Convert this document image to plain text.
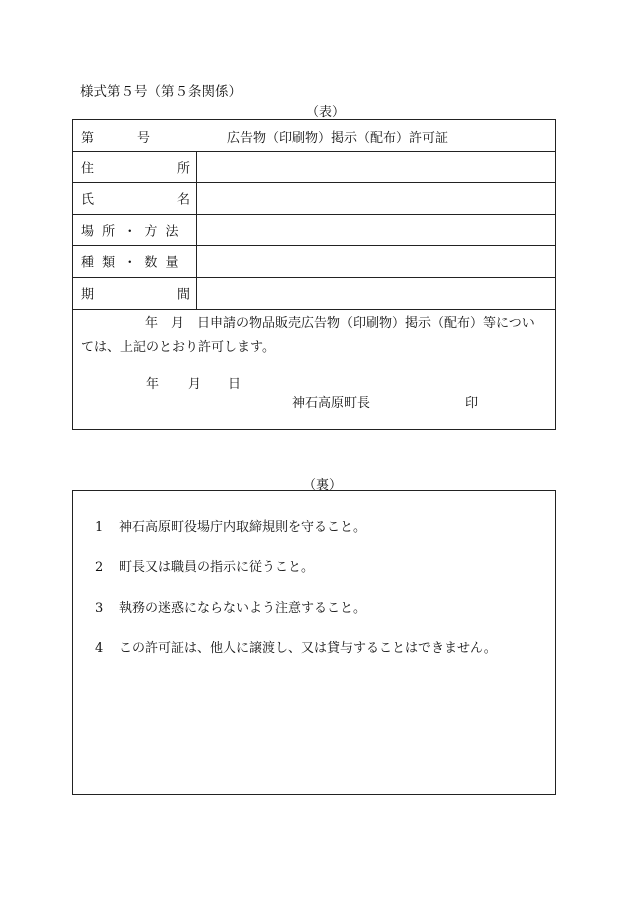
様式第５号（第５条関係）
（表）
第	号	広告物（印刷物）掲示（配布）許可証
住	所
氏	名
場 所 ・ 方 法
種 類 ・ 数 量
期	間
年　月　日申請の物品販売広告物（印刷物）掲示（配布）等につい
ては、上記のとおり許可します。
年 月 日
神石高原町長	印
（裏）
1 神石高原町役場庁内取締規則を守ること。
2 町長又は職員の指示に従うこと。
3 執務の迷惑にならないよう注意すること。
4 この許可証は、他人に譲渡し、又は貸与することはできません。
